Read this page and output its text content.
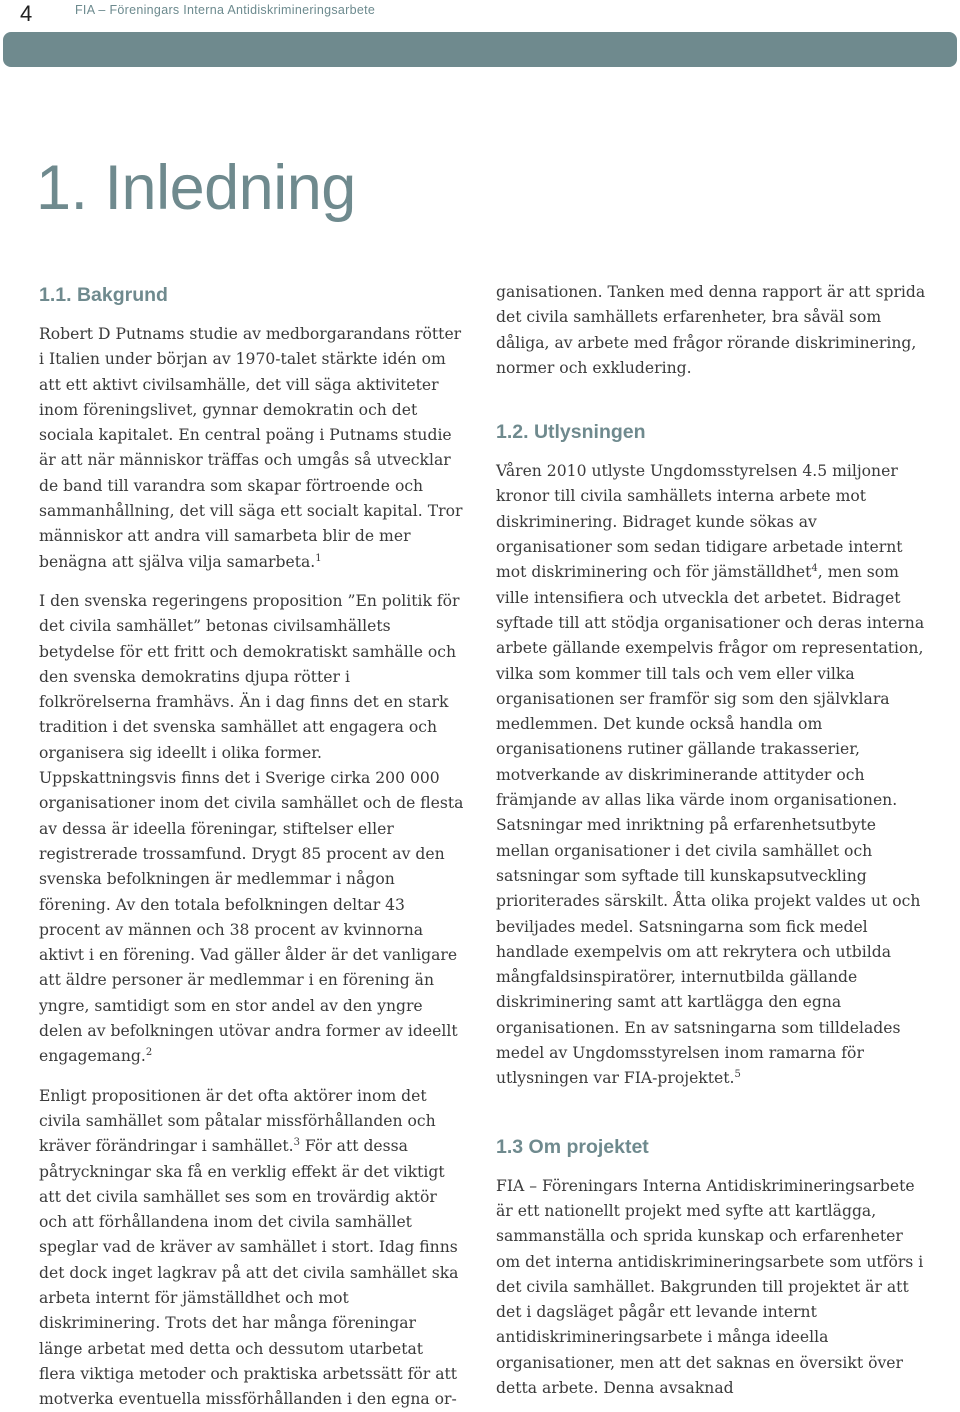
4	FIA – Föreningars Interna Antidiskrimineringsarbete
1. Inledning
1.1. Bakgrund

Robert D Putnams studie av medborgarandans rötter i Italien under början av 1970-talet stärkte idén om att ett aktivt civilsamhälle, det vill säga aktiviteter inom föreningslivet, gynnar demokratin och det sociala kapitalet. En central poäng i Putnams studie är att när människor träffas och umgås så utvecklar de band till varandra som skapar förtroende och sammanhållning, det vill säga ett socialt kapital. Tror människor att andra vill samarbeta blir de mer benägna att själva vilja samarbeta.$^1$

I den svenska regeringens proposition ”En politik för det civila samhället” betonas civilsamhällets betydelse för ett fritt och demokratiskt samhälle och den svenska demokratins djupa rötter i folkrörelserna framhävs. Än i dag finns det en stark tradition i det svenska samhället att engagera och organisera sig ideellt i olika former. Uppskattningsvis finns det i Sverige cirka 200 000 organisationer inom det civila samhället och de flesta av dessa är ideella föreningar, stiftelser eller registrerade trossamfund. Drygt 85 procent av den svenska befolkningen är medlemmar i någon förening. Av den totala befolkningen deltar 43 procent av männen och 38 procent av kvinnorna aktivt i en förening. Vad gäller ålder är det vanligare att äldre personer är medlemmar i en förening än yngre, samtidigt som en stor andel av den yngre delen av befolkningen utövar andra former av ideellt engagemang.$^2$

Enligt propositionen är det ofta aktörer inom det civila samhället som påtalar missförhållanden och kräver förändringar i samhället.$^3$ För att dessa påtryckningar ska få en verklig effekt är det viktigt att det civila samhället ses som en trovärdig aktör och att förhållandena inom det civila samhället speglar vad de kräver av samhället i stort. Idag finns det dock inget lagkrav på att det civila samhället ska arbeta internt för jämställdhet och mot diskriminering. Trots det har många föreningar länge arbetat med detta och dessutom utarbetat flera viktiga metoder och praktiska arbetssätt för att motverka eventuella missförhållanden i den egna or-

ganisationen. Tanken med denna rapport är att sprida det civila samhällets erfarenheter, bra såväl som dåliga, av arbete med frågor rörande diskriminering, normer och exkludering.

1.2. Utlysningen

Våren 2010 utlyste Ungdomsstyrelsen 4.5 miljoner kronor till civila samhällets interna arbete mot diskriminering. Bidraget kunde sökas av organisationer som sedan tidigare arbetade internt mot diskriminering och för jämställdhet$^4$, men som ville intensifiera och utveckla det arbetet. Bidraget syftade till att stödja organisationer och deras interna arbete gällande exempelvis frågor om representation, vilka som kommer till tals och vem eller vilka organisationen ser framför sig som den självklara medlemmen. Det kunde också handla om organisationens rutiner gällande trakasserier, motverkande av diskriminerande attityder och främjande av allas lika värde inom organisationen. Satsningar med inriktning på erfarenhetsutbyte mellan organisationer i det civila samhället och satsningar som syftade till kunskapsutveckling prioriterades särskilt. Åtta olika projekt valdes ut och beviljades medel. Satsningarna som fick medel handlade exempelvis om att rekrytera och utbilda mångfaldsinspiratörer, internutbilda gällande diskriminering samt att kartlägga den egna organisationen. En av satsningarna som tilldelades medel av Ungdomsstyrelsen inom ramarna för utlysningen var FIA-projektet.$^5$

1.3 Om projektet

FIA – Föreningars Interna Antidiskrimineringsarbete är ett nationellt projekt med syfte att kartlägga, sammanställa och sprida kunskap och erfarenheter om det interna antidiskrimineringsarbete som utförs i det civila samhället. Bakgrunden till projektet är att det i dagsläget pågår ett levande internt antidiskrimineringsarbete i många ideella organisationer, men att det saknas en översikt över detta arbete. Denna avsaknad
